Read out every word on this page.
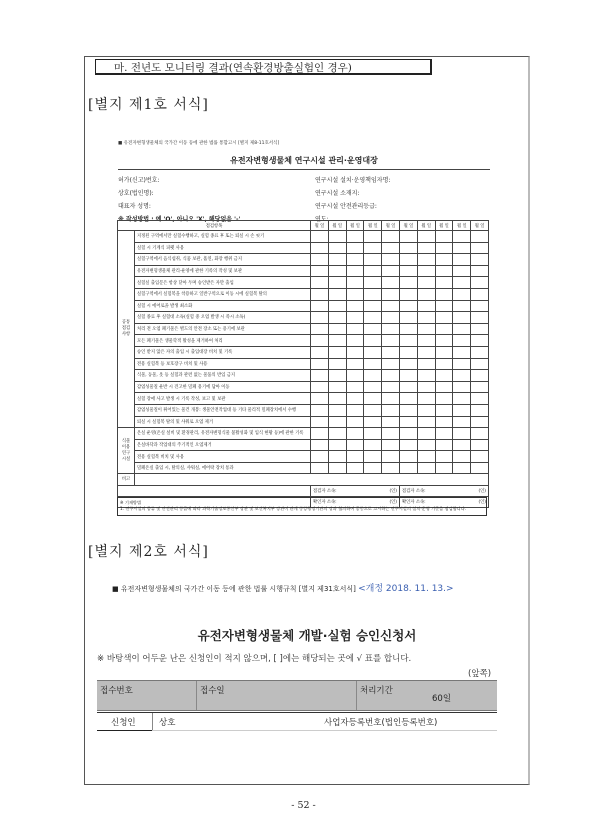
마. 전년도 모니터링 결과(연속환경방출실험인 경우)
[별지 제1호 서식]
■ 유전자변형생물체의 국가간 이동 등에 관한 법률 통합고시 [별지 제8-11호서식]
유전자변형생물체 연구시설 관리·운영대장
허가(신고)번호:
상호(법인명):
대표자 성명:
※ 작성방법 : 예 'O', 아니오 'X', 해당없음 '-'
연구시설 설치·운영책임자명:
연구시설 소재지:
연구시설 안전관리등급:
연도:
점검항목		월 일	월 일	월 일	월 일	월 일	월 일	월 일	월 일	월 일	월 일
공통점검 사항	지정된 구역에서만 실험수행하고, 실험 종료 후 또는 퇴실 시 손 씻기										
	실험 시 기계식 피펫 사용										
	실험구역에서 음식섭취, 식품 보관, 흡연, 화장 행위 금지										
	유전자변형생물체 관리·운영에 관한 기록의 작성 및 보관										
	실험실 출입문은 항상 닫아 두며 승인받은 자만 출입										
	실험구역에서 실험복을 착용하고 일반구역으로 이동 시에 실험복 탈의										
	실험 시 에어로졸 발생 최소화										
	실험 종료 후 실험대 소독(실험 중 오염 발생 시 즉시 소독)										
	처리 전 오염 폐기물은 별도의 안전 장소 또는 용기에 보관										
	모든 폐기물은 생물학적 활성을 제거하여 처리										
	승인 받지 않은 자의 출입 시 출입대장 비치 및 기록										
	전용 실험복 등 보호장구 비치 및 사용										
	식물, 동물, 옷 등 실험과 관련 없는 물품의 반입 금지										
	감염성물질 운반 시 견고한 밀폐 용기에 담아 이동										
	실험 장애 사고 발생 시 기록 작성, 보고 및 보관										
	감염성물질이 튀어있는 물건 개봉: 생물안전작업대 등 기타 물리적 밀폐장치에서 수행										
	퇴실 시 실험복 탈의 및 샤워로 오염 제거										
식물이용 연구시설	온실 운영(온실 설비 및 환경관리, 유전자변형식물 불활성화 및 입식 현황 등)에 관한 기록										
	온실바닥과 작업대의 주기적인 오염제거										
	전용 실험복 비치 및 사용										
	밀폐온실 출입 시, 탈의실, 샤워실, 에어락 장치 통과										
비고											
		점검자 소속: (인)					점검자 소속: (인)				

		확인자 소속: (인)					확인자 소속: (인)				
※ 기재방법
1. 연구시설의 종류 및 안전관리 등급에 따라 과학기술정보통신부 장관 및 보건복지부 장관이 관계 중앙행정기관의 장과 협의하여 공동으로 고시하는 연구시설의 설치·운영 기준을 점검합니다.
[별지 제2호 서식]
■ 유전자변형생물체의 국가간 이동 등에 관한 법률 시행규칙 [별지 제31호서식] <개정 2018. 11. 13.>
유전자변형생물체 개발·실험 승인신청서
※ 바탕색이 어두운 난은 신청인이 적지 않으며, [ ]에는 해당되는 곳에 √ 표를 합니다.
(앞쪽)
접수번호	접수일	처리기간
60일
신청인	상호	사업자등록번호(법인등록번호)
- 52 -
